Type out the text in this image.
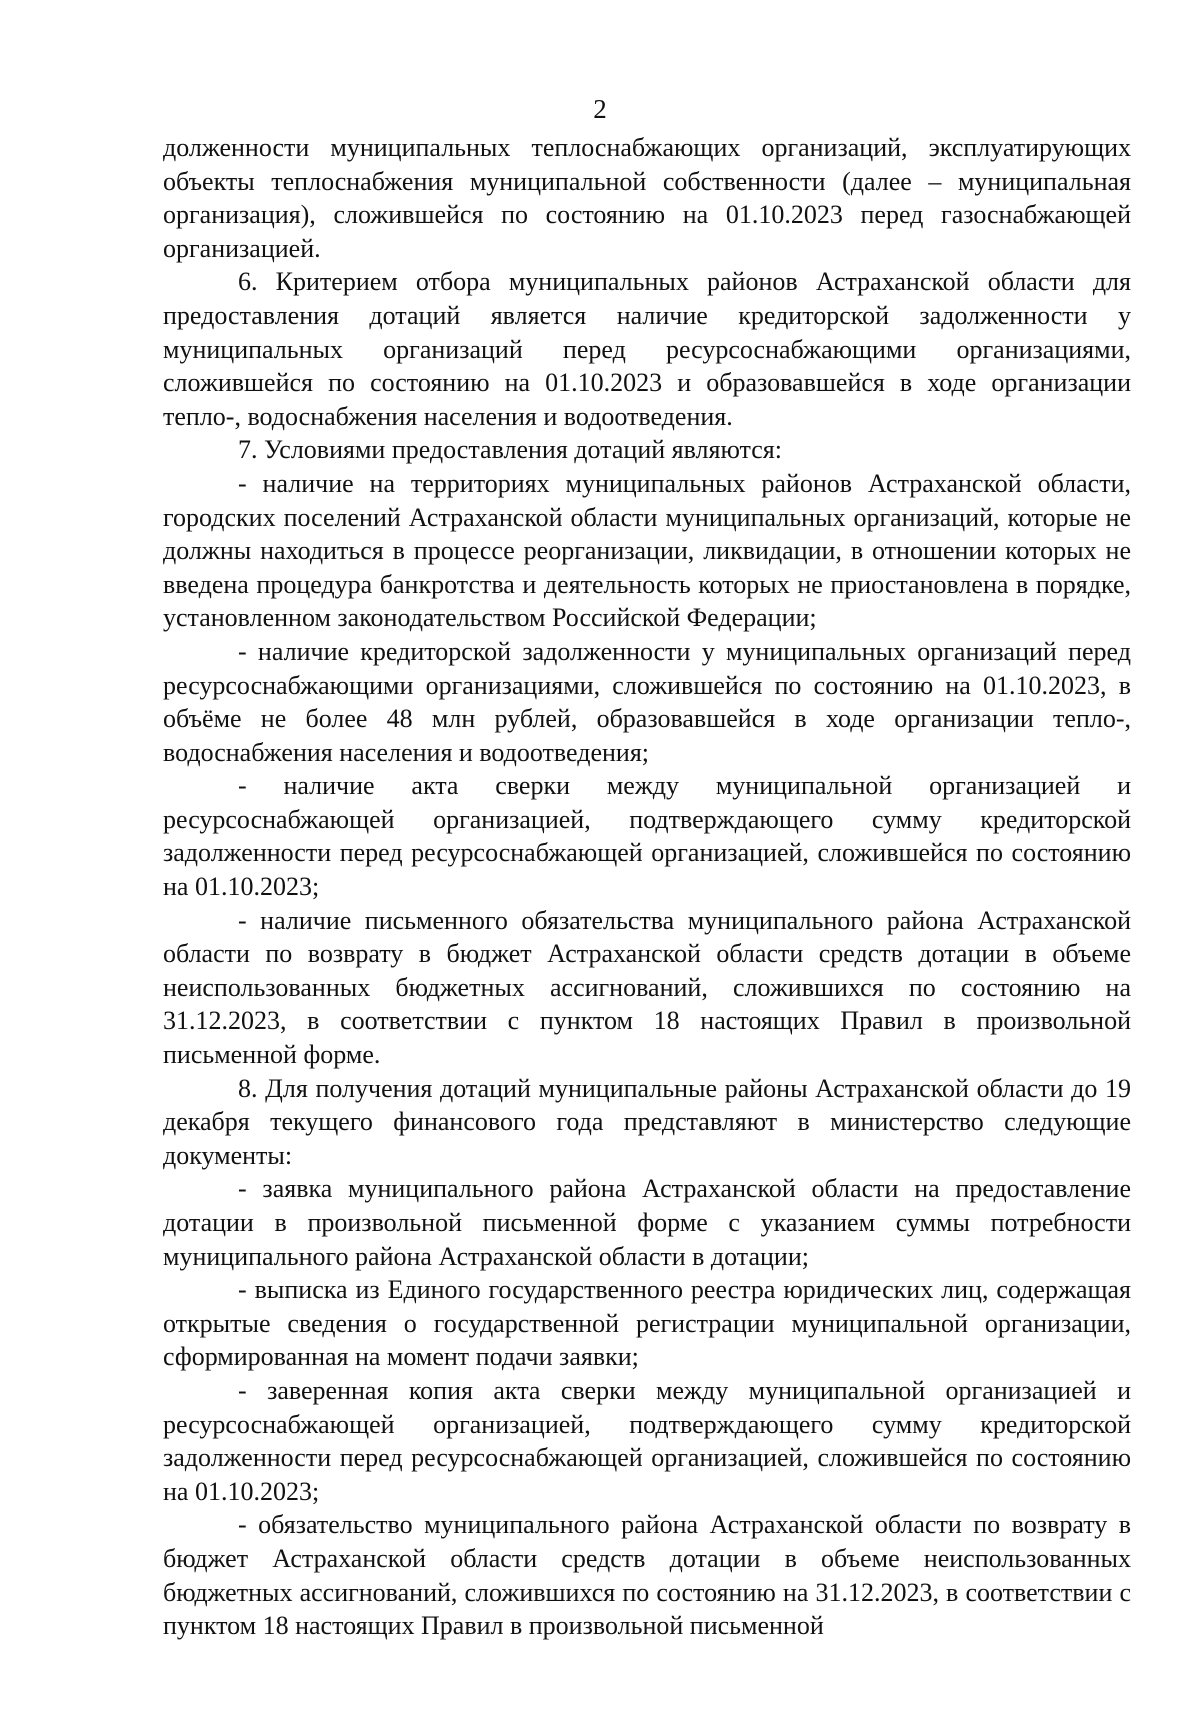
2

долженности муниципальных теплоснабжающих организаций, эксплуатирующих объекты теплоснабжения муниципальной собственности (далее – муниципальная организация), сложившейся по состоянию на 01.10.2023 перед газоснабжающей организацией.

6. Критерием отбора муниципальных районов Астраханской области для предоставления дотаций является наличие кредиторской задолженности у муниципальных организаций перед ресурсоснабжающими организациями, сложившейся по состоянию на 01.10.2023 и образовавшейся в ходе организации тепло-, водоснабжения населения и водоотведения.

7. Условиями предоставления дотаций являются:

- наличие на территориях муниципальных районов Астраханской области, городских поселений Астраханской области муниципальных организаций, которые не должны находиться в процессе реорганизации, ликвидации, в отношении которых не введена процедура банкротства и деятельность которых не приостановлена в порядке, установленном законодательством Российской Федерации;

- наличие кредиторской задолженности у муниципальных организаций перед ресурсоснабжающими организациями, сложившейся по состоянию на 01.10.2023, в объёме не более 48 млн рублей, образовавшейся в ходе организации тепло-, водоснабжения населения и водоотведения;

- наличие акта сверки между муниципальной организацией и ресурсоснабжающей организацией, подтверждающего сумму кредиторской задолженности перед ресурсоснабжающей организацией, сложившейся по состоянию на 01.10.2023;

- наличие письменного обязательства муниципального района Астраханской области по возврату в бюджет Астраханской области средств дотации в объеме неиспользованных бюджетных ассигнований, сложившихся по состоянию на 31.12.2023, в соответствии с пунктом 18 настоящих Правил в произвольной письменной форме.

8. Для получения дотаций муниципальные районы Астраханской области до 19 декабря текущего финансового года представляют в министерство следующие документы:

- заявка муниципального района Астраханской области на предоставление дотации в произвольной письменной форме с указанием суммы потребности муниципального района Астраханской области в дотации;

- выписка из Единого государственного реестра юридических лиц, содержащая открытые сведения о государственной регистрации муниципальной организации, сформированная на момент подачи заявки;

- заверенная копия акта сверки между муниципальной организацией и ресурсоснабжающей организацией, подтверждающего сумму кредиторской задолженности перед ресурсоснабжающей организацией, сложившейся по состоянию на 01.10.2023;

- обязательство муниципального района Астраханской области по возврату в бюджет Астраханской области средств дотации в объеме неиспользованных бюджетных ассигнований, сложившихся по состоянию на 31.12.2023, в соответствии с пунктом 18 настоящих Правил в произвольной письменной
